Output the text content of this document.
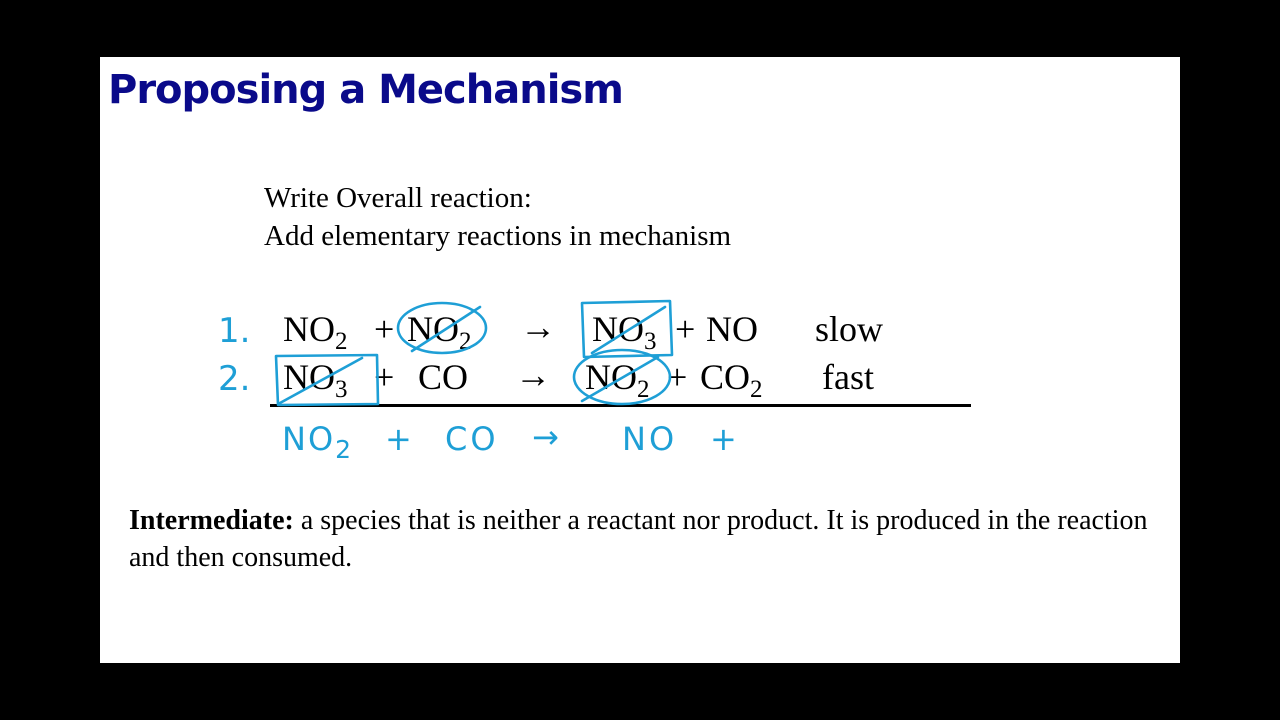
Proposing a Mechanism
Write Overall reaction:
Add elementary reactions in mechanism
$NO_2 + NO_2 \to NO_3$ + NO slow
$NO_3$ + CO → $NO_2 + CO_2$ fast
1.
2.
$NO_2$ + CO → NO +
Intermediate: a species that is neither a reactant nor product. It is produced in the reaction and then consumed.
